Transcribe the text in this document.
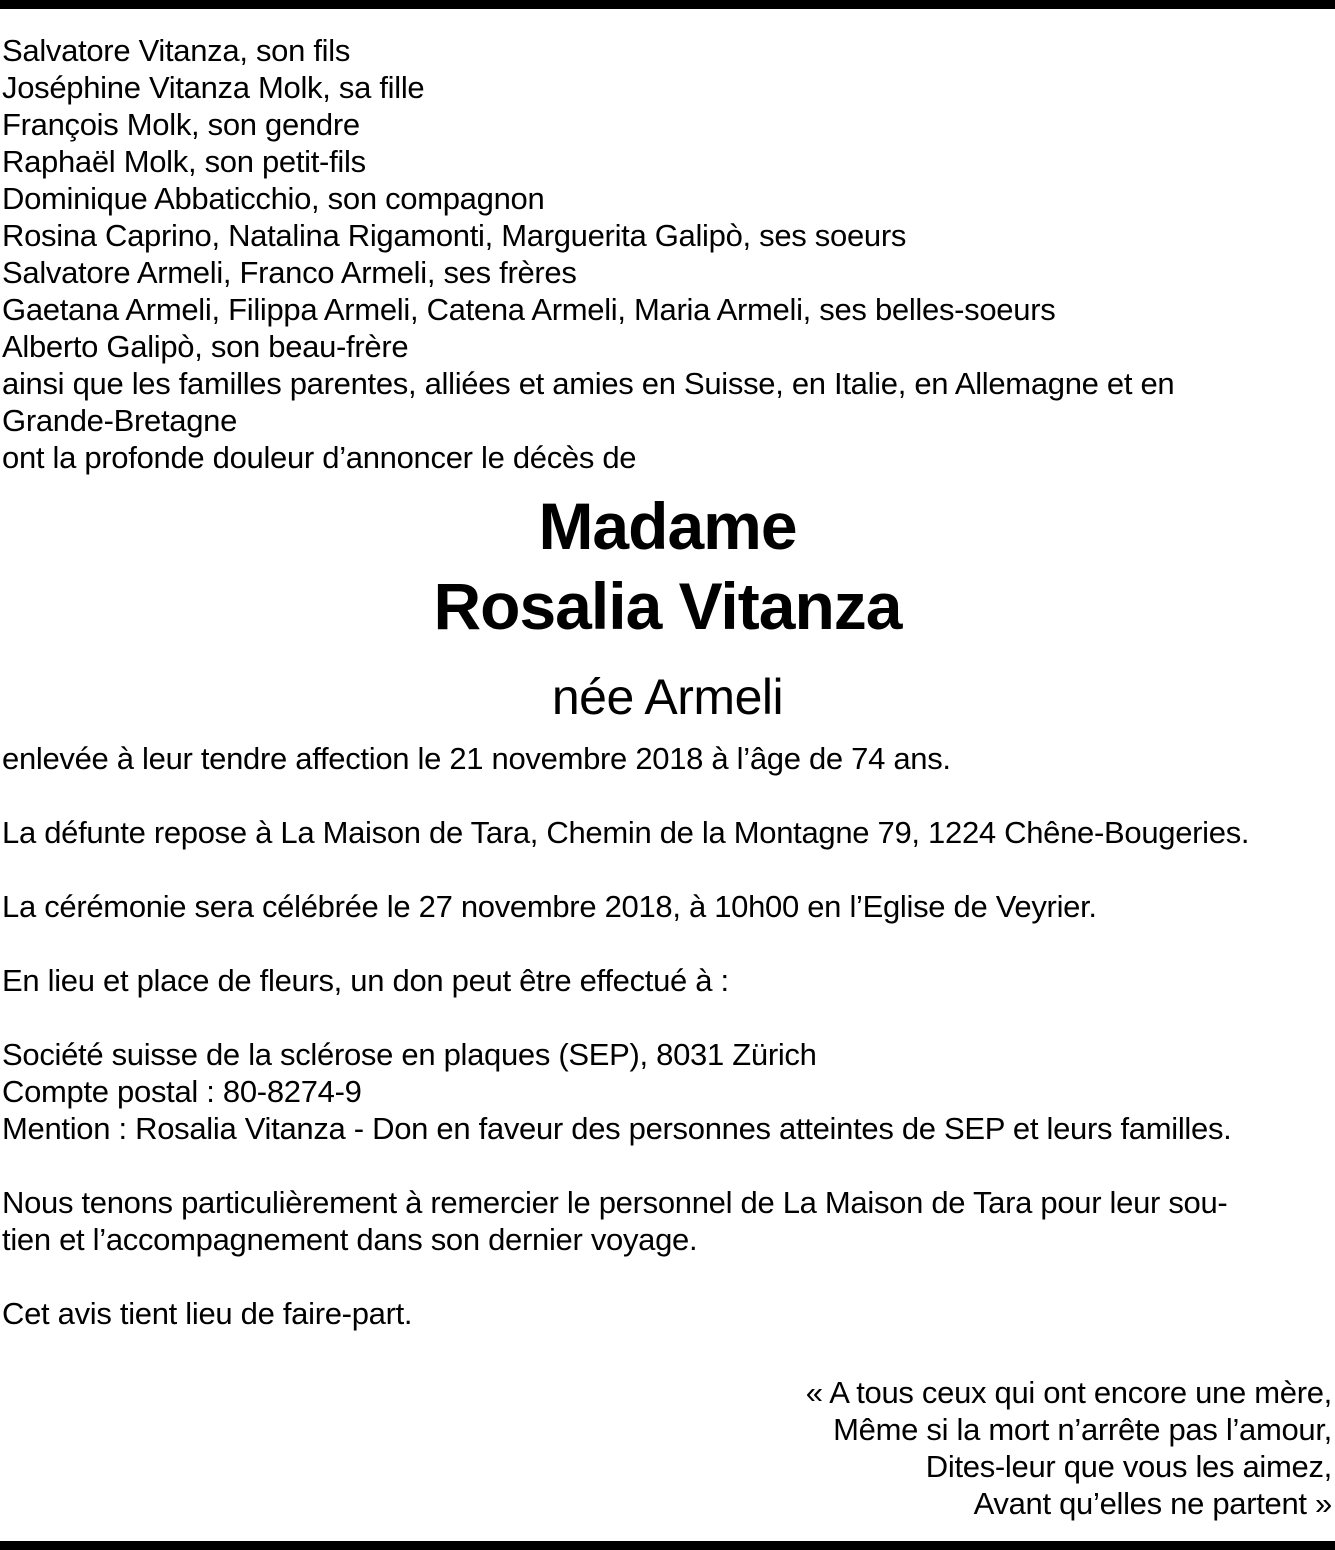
Salvatore Vitanza, son fils
Joséphine Vitanza Molk, sa fille
François Molk, son gendre
Raphaël Molk, son petit-fils
Dominique Abbaticchio, son compagnon
Rosina Caprino, Natalina Rigamonti, Marguerita Galipò, ses soeurs
Salvatore Armeli, Franco Armeli, ses frères
Gaetana Armeli, Filippa Armeli, Catena Armeli, Maria Armeli, ses belles-soeurs
Alberto Galipò, son beau-frère
ainsi que les familles parentes, alliées et amies en Suisse, en Italie, en Allemagne et en
Grande-Bretagne
ont la profonde douleur d’annoncer le décès de
Madame
Rosalia Vitanza
née Armeli

enlevée à leur tendre affection le 21 novembre 2018 à l’âge de 74 ans.

La défunte repose à La Maison de Tara, Chemin de la Montagne 79, 1224 Chêne-Bougeries.

La cérémonie sera célébrée le 27 novembre 2018, à 10h00 en l’Eglise de Veyrier.

En lieu et place de fleurs, un don peut être effectué à :

Société suisse de la sclérose en plaques (SEP), 8031 Zürich
Compte postal : 80-8274-9
Mention : Rosalia Vitanza - Don en faveur des personnes atteintes de SEP et leurs familles.
Nous tenons particulièrement à remercier le personnel de La Maison de Tara pour leur sou-
tien et l’accompagnement dans son dernier voyage.

Cet avis tient lieu de faire-part.

« A tous ceux qui ont encore une mère,
Même si la mort n’arrête pas l’amour,
Dites-leur que vous les aimez,
Avant qu’elles ne partent »
